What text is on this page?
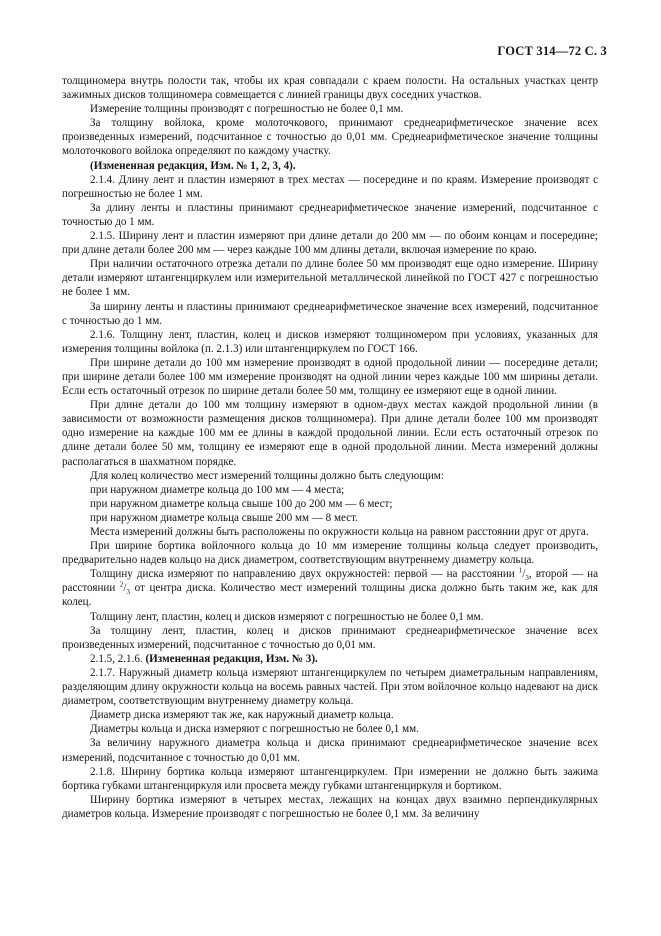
ГОСТ 314—72 С. 3

толщиномера внутрь полости так, чтобы их края совпадали с краем полости. На остальных участках центр зажимных дисков толщиномера совмещается с линией границы двух соседних участков.

Измерение толщины производят с погрешностью не более 0,1 мм.

За толщину войлока, кроме молоточкового, принимают среднеарифметическое значение всех произведенных измерений, подсчитанное с точностью до 0,01 мм. Среднеарифметическое значение толщины молоточкового войлока определяют по каждому участку.

(Измененная редакция, Изм. № 1, 2, 3, 4).

2.1.4. Длину лент и пластин измеряют в трех местах — посередине и по краям. Измерение производят с погрешностью не более 1 мм.

За длину ленты и пластины принимают среднеарифметическое значение измерений, подсчитанное с точностью до 1 мм.

2.1.5. Ширину лент и пластин измеряют при длине детали до 200 мм — по обоим концам и посередине; при длине детали более 200 мм — через каждые 100 мм длины детали, включая измерение по краю.

При наличии остаточного отрезка детали по длине более 50 мм производят еще одно измерение. Ширину детали измеряют штангенциркулем или измерительной металлической линейкой по ГОСТ 427 с погрешностью не более 1 мм.

За ширину ленты и пластины принимают среднеарифметическое значение всех измерений, подсчитанное с точностью до 1 мм.

2.1.6. Толщину лент, пластин, колец и дисков измеряют толщиномером при условиях, указанных для измерения толщины войлока (п. 2.1.3) или штангенциркулем по ГОСТ 166.

При ширине детали до 100 мм измерение производят в одной продольной линии — посередине детали; при ширине детали более 100 мм измерение производят на одной линии через каждые 100 мм ширины детали. Если есть остаточный отрезок по ширине детали более 50 мм, толщину ее измеряют еще в одной линии.

При длине детали до 100 мм толщину измеряют в одном-двух местах каждой продольной линии (в зависимости от возможности размещения дисков толщиномера). При длине детали более 100 мм производят одно измерение на каждые 100 мм ее длины в каждой продольной линии. Если есть остаточный отрезок по длине детали более 50 мм, толщину ее измеряют еще в одной продольной линии. Места измерений должны располагаться в шахматном порядке.

Для колец количество мест измерений толщины должно быть следующим:

при наружном диаметре кольца до 100 мм — 4 места;

при наружном диаметре кольца свыше 100 до 200 мм — 6 мест;

при наружном диаметре кольца свыше 200 мм — 8 мест.

Места измерений должны быть расположены по окружности кольца на равном расстоянии друг от друга.

При ширине бортика войлочного кольца до 10 мм измерение толщины кольца следует производить, предварительно надев кольцо на диск диаметром, соответствующим внутреннему диаметру кольца.

Толщину диска измеряют по направлению двух окружностей: первой — на расстоянии $^1/_3$, второй — на расстоянии $^2/_3$ от центра диска. Количество мест измерений толщины диска должно быть таким же, как для колец.

Толщину лент, пластин, колец и дисков измеряют с погрешностью не более 0,1 мм.

За толщину лент, пластин, колец и дисков принимают среднеарифметическое значение всех произведенных измерений, подсчитанное с точностью до 0,01 мм.

2.1.5, 2.1.6. (Измененная редакция, Изм. № 3).

2.1.7. Наружный диаметр кольца измеряют штангенциркулем по четырем диаметральным направлениям, разделяющим длину окружности кольца на восемь равных частей. При этом войлочное кольцо надевают на диск диаметром, соответствующим внутреннему диаметру кольца.

Диаметр диска измеряют так же, как наружный диаметр кольца.

Диаметры кольца и диска измеряют с погрешностью не более 0,1 мм.

За величину наружного диаметра кольца и диска принимают среднеарифметическое значение всех измерений, подсчитанное с точностью до 0,01 мм.

2.1.8. Ширину бортика кольца измеряют штангенциркулем. При измерении не должно быть зажима бортика губками штангенциркуля или просвета между губками штангенциркуля и бортиком.

Ширину бортика измеряют в четырех местах, лежащих на концах двух взаимно перпендикулярных диаметров кольца. Измерение производят с погрешностью не более 0,1 мм. За величину
